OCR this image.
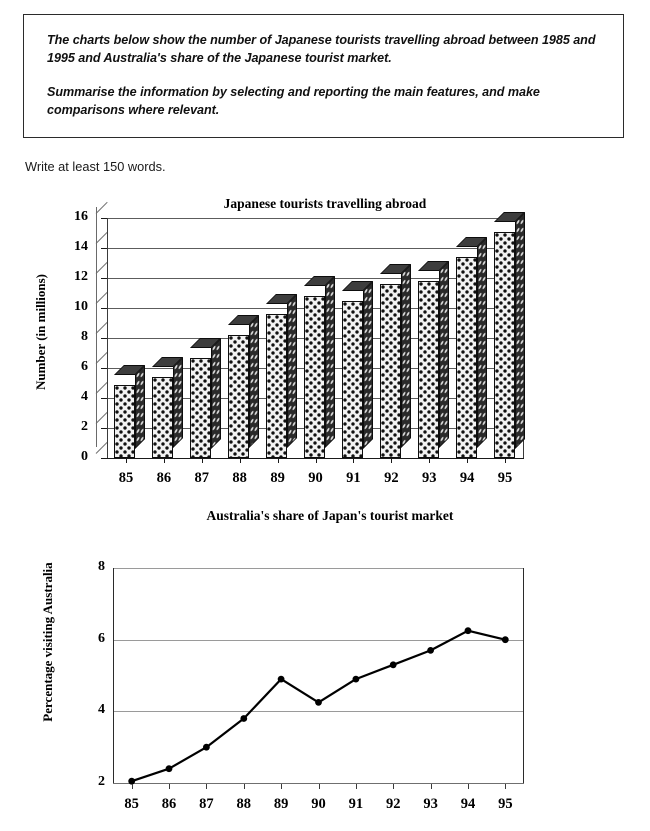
The charts below show the number of Japanese tourists travelling abroad between 1985 and 1995 and Australia's share of the Japanese tourist market.

Summarise the information by selecting and reporting the main features, and make comparisons where relevant.

Write at least 150 words.
Japanese tourists travelling abroad
Number (in millions)
0
2
4
6
8
10
12
14
16
85	86	87	88	89	90	91	92	93	94	95
Australia's share of Japan's tourist market
Percentage visiting Australia
2
4
6
8
85	86	87	88	89	90	91	92	93	94	95
